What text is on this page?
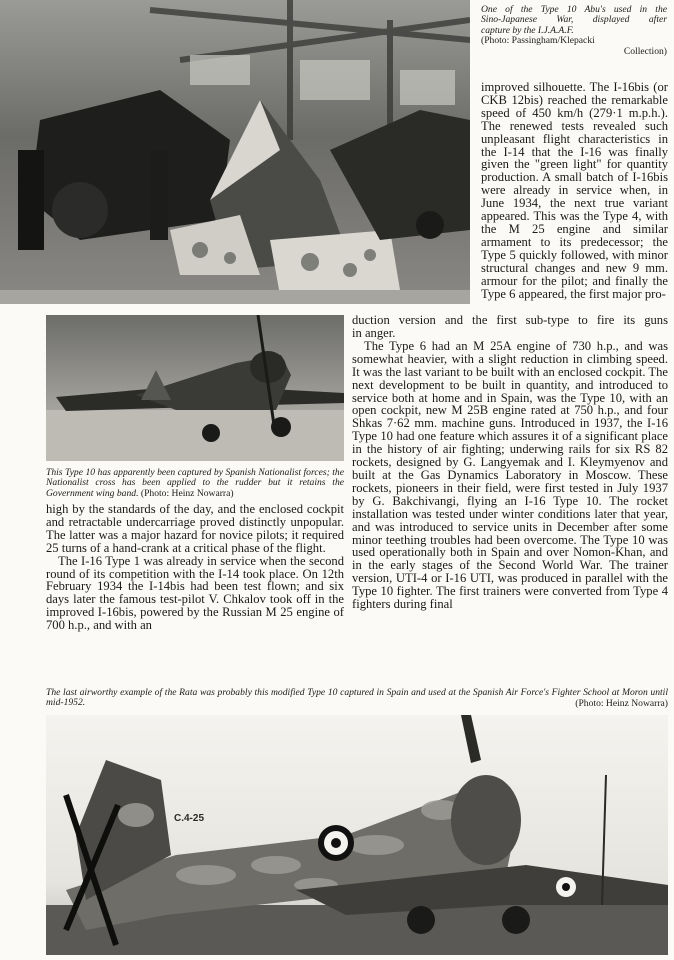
One of the Type 10 Abu's used in the
Sino-Japanese War, displayed after
capture by the I.J.A.A.F.
(Photo: Passingham/Klepacki
Collection)

improved silhouette. The I-16bis (or CKB 12bis) reached the remarkable speed of 450 km/h (279·1 m.p.h.). The renewed tests revealed such unpleasant flight characteristics in the I-14 that the I-16 was finally given the "green light" for quantity production. A small batch of I-16bis were already in service when, in June 1934, the next true variant appeared. This was the Type 4, with the M 25 engine and similar armament to its predecessor; the Type 5 quickly followed, with minor structural changes and new 9 mm. armour for the pilot; and finally the Type 6 appeared, the first major pro-

This Type 10 has apparently been captured by Spanish Nationalist forces; the Nationalist cross has been applied to the rudder but it retains the Government wing band. (Photo: Heinz Nowarra)

duction version and the first sub-type to fire its guns

in anger.

The Type 6 had an M 25A engine of 730 h.p., and was somewhat heavier, with a slight reduction in climbing speed. It was the last variant to be built with an enclosed cockpit. The next development to be built in quantity, and introduced to service both at home and in Spain, was the Type 10, with an open cockpit, new M 25B engine rated at 750 h.p., and four Shkas 7·62 mm. machine guns. Introduced in 1937, the I-16 Type 10 had one feature which assures it of a significant place in the history of air fighting; underwing rails for six RS 82 rockets, designed by G. Langyemak and I. Kleymyenov and built at the Gas Dynamics Laboratory in Moscow. These rockets, pioneers in their field, were first tested in July 1937 by G. Bakchivangi, flying an I-16 Type 10. The rocket installation was tested under winter conditions later that year, and was introduced to service units in December after some minor teething troubles had been overcome. The Type 10 was used operationally both in Spain and over Nomon-Khan, and in the early stages of the Second World War. The trainer version, UTI-4 or I-16 UTI, was produced in parallel with the Type 10 fighter. The first trainers were converted from Type 4 fighters during final

high by the standards of the day, and the enclosed cockpit and retractable undercarriage proved distinctly unpopular. The latter was a major hazard for novice pilots; it required 25 turns of a hand-crank at a critical phase of the flight.

The I-16 Type 1 was already in service when the second round of its competition with the I-14 took place. On 12th February 1934 the I-14bis had been test flown; and six days later the famous test-pilot V. Chkalov took off in the improved I-16bis, powered by the Russian M 25 engine of 700 h.p., and with an

The last airworthy example of the Rata was probably this modified Type 10 captured in Spain and used at the Spanish Air Force's Fighter School at Moron until mid-1952.	(Photo: Heinz Nowarra)
C.4-25
